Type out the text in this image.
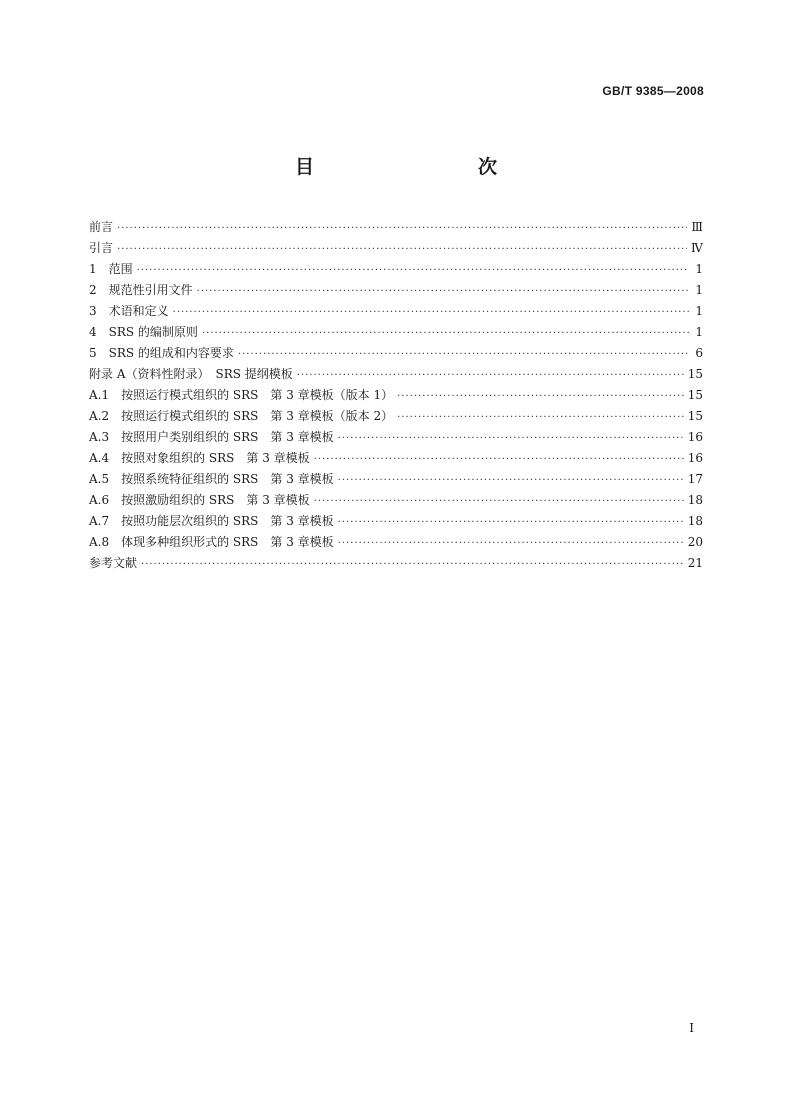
GB/T 9385—2008
目　　次
前言 ·····	Ⅲ
引言 ·····	Ⅳ
1　范围 ·····	1
2　规范性引用文件 ·····	1
3　术语和定义 ·····	1
4　SRS 的编制原则 ·····	1
5　SRS 的组成和内容要求 ·····	6
附录 A（资料性附录）　SRS 提纲模板 ·····	15
A.1　按照运行模式组织的 SRS　第 3 章模板（版本 1） ·····	15
A.2　按照运行模式组织的 SRS　第 3 章模板（版本 2） ·····	15
A.3　按照用户类别组织的 SRS　第 3 章模板 ·····	16
A.4　按照对象组织的 SRS　第 3 章模板 ·····	16
A.5　按照系统特征组织的 SRS　第 3 章模板 ·····	17
A.6　按照激励组织的 SRS　第 3 章模板 ·····	18
A.7　按照功能层次组织的 SRS　第 3 章模板 ·····	18
A.8　体现多种组织形式的 SRS　第 3 章模板 ·····	20
参考文献 ·····	21
Ⅰ
